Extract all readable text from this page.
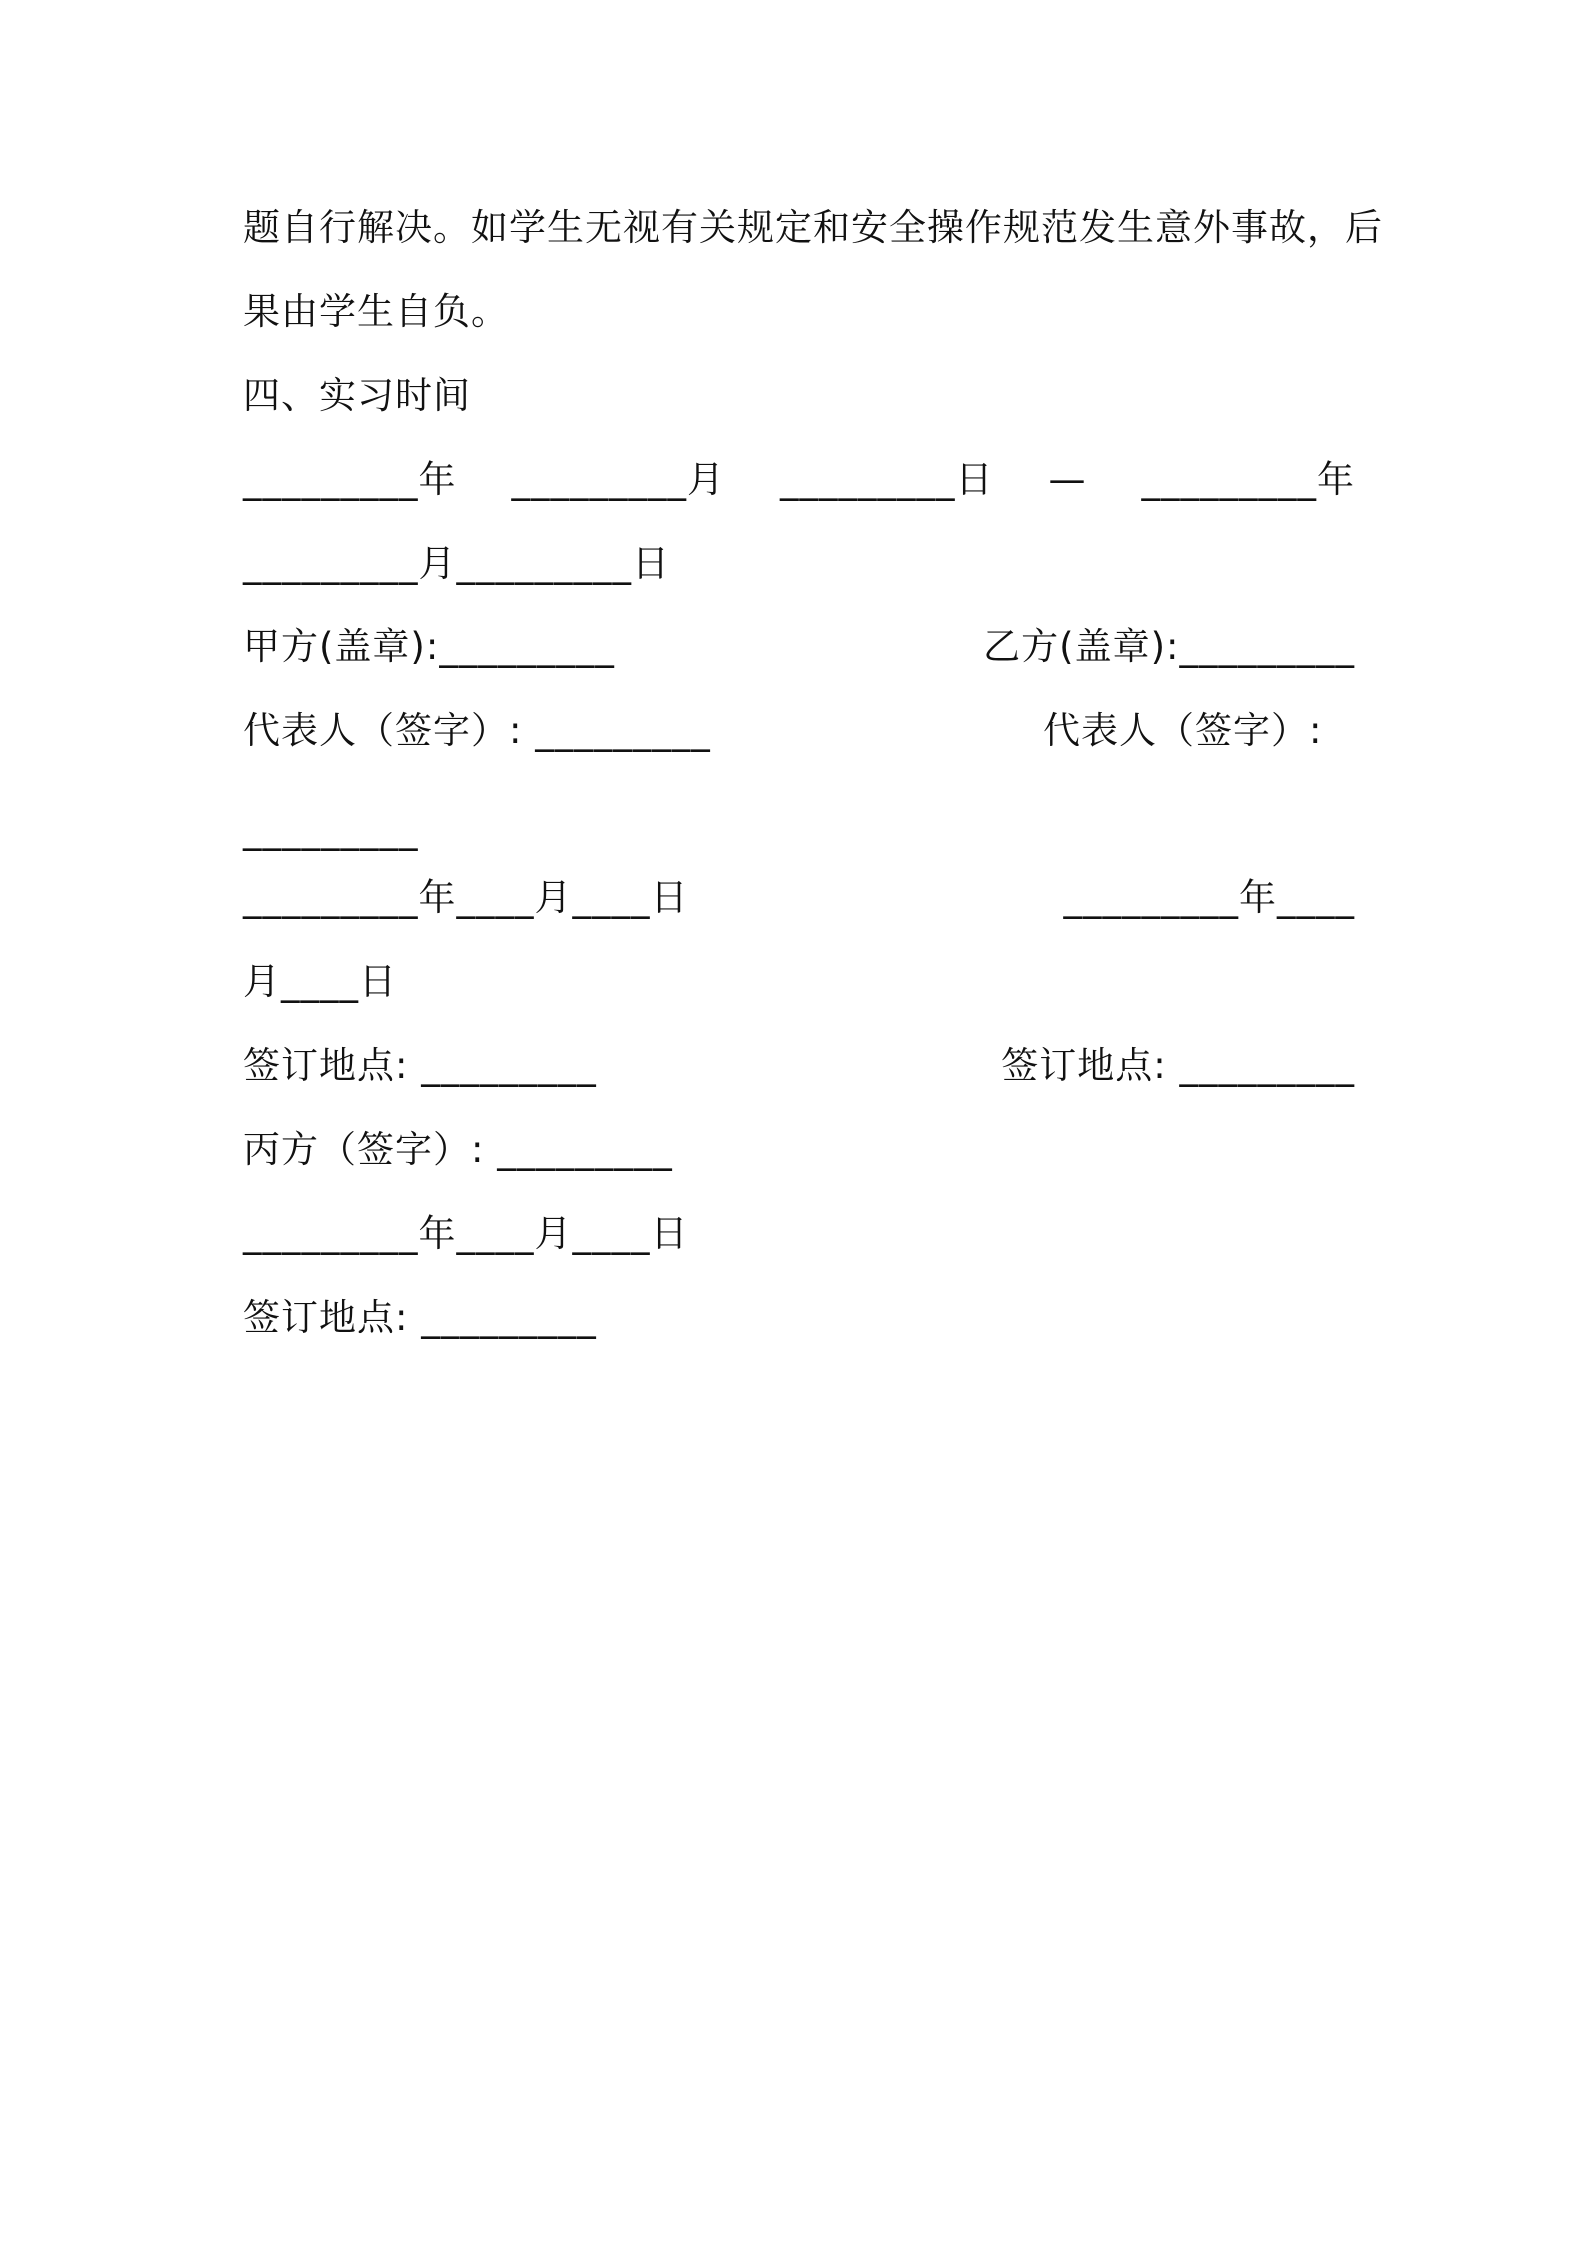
题自行解决。如学生无视有关规定和安全操作规范发生意外事故，后
果由学生自负。
四、实习时间
_________年 _________月 _________日 — _________年
_________月_________日
甲方(盖章):_________	乙方(盖章):_________
代表人（签字）: _________	代表人（签字）:
_________
_________年____月____日	_________年____
月____日
签订地点: _________	签订地点: _________
丙方（签字）: _________
_________年____月____日
签订地点: _________
